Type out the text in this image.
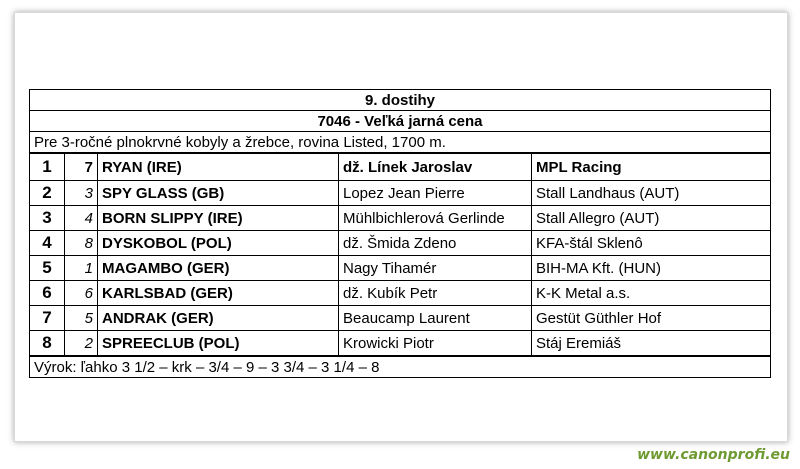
9. dostihy				
7046 - Veľká jarná cena				
Pre 3-ročné plnokrvné kobyly a žrebce, rovina Listed, 1700 m.				
1	7	RYAN (IRE)	dž. Línek Jaroslav	MPL Racing
2	3	SPY GLASS (GB)	Lopez Jean Pierre	Stall Landhaus (AUT)
3	4	BORN SLIPPY (IRE)	Mühlbichlerová Gerlinde	Stall Allegro (AUT)
4	8	DYSKOBOL (POL)	dž. Šmida Zdeno	KFA-štál Sklenô
5	1	MAGAMBO (GER)	Nagy Tihamér	BIH-MA Kft. (HUN)
6	6	KARLSBAD (GER)	dž. Kubík Petr	K-K Metal a.s.
7	5	ANDRAK (GER)	Beaucamp Laurent	Gestüt Güthler Hof
8	2	SPREECLUB (POL)	Krowicki Piotr	Stáj Eremiáš
Výrok: ľahko 3 1/2 – krk – 3/4 – 9 – 3 3/4 – 3 1/4 – 8				
www.canonprofi.eu
